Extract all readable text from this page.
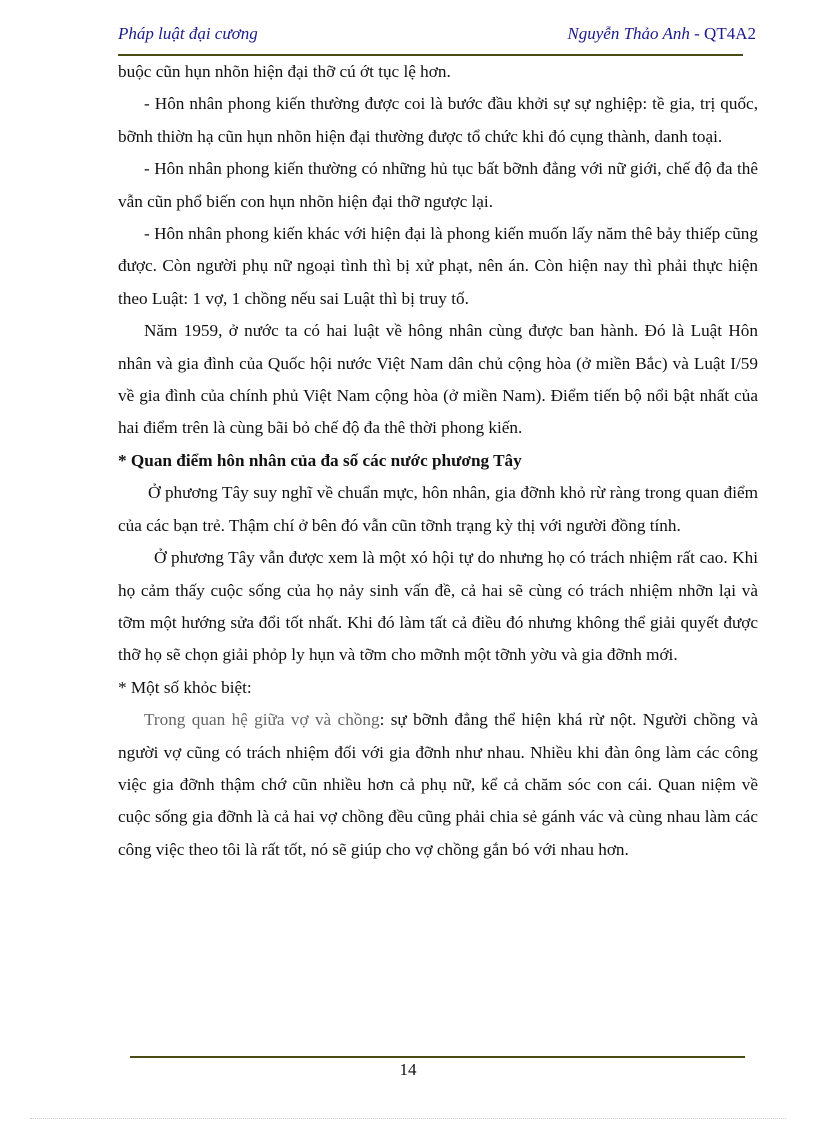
Pháp luật đại cương	Nguyễn Thảo Anh - QT4A2

buộc cũn hụn nhõn hiện đại thỡ cú ớt tục lệ hơn.

- Hôn nhân phong kiến thường được coi là bước đầu khởi sự sự nghiệp: tề gia, trị quốc, bỡnh thiờn hạ cũn hụn nhõn hiện đại thường được tổ chức khi đó cụng thành, danh toại.

- Hôn nhân phong kiến thường có những hủ tục bất bỡnh đẳng với nữ giới, chế độ đa thê vẫn cũn phổ biến con hụn nhõn hiện đại thỡ ngược lại.

- Hôn nhân phong kiến khác với hiện đại là phong kiến muốn lấy năm thê bảy thiếp cũng được. Còn người phụ nữ ngoại tình thì bị xử phạt, nên án. Còn hiện nay thì phải thực hiện theo Luật: 1 vợ, 1 chồng nếu sai Luật thì bị truy tố.

Năm 1959, ở nước ta có hai luật về hông nhân cùng được ban hành. Đó là Luật Hôn nhân và gia đình của Quốc hội nước Việt Nam dân chủ cộng hòa (ở miền Bắc) và Luật I/59 về gia đình của chính phủ Việt Nam cộng hòa (ở miền Nam). Điểm tiến bộ nổi bật nhất của hai điểm trên là cùng bãi bỏ chế độ đa thê thời phong kiến.

* Quan điểm hôn nhân của đa số các nước phương Tây

Ở phương Tây suy nghĩ về chuẩn mực, hôn nhân, gia đỡnh khỏ rừ ràng trong quan điểm của các bạn trẻ. Thậm chí ở bên đó vẫn cũn tỡnh trạng kỳ thị với người đồng tính.

Ở phương Tây vẫn được xem là một xó hội tự do nhưng họ có trách nhiệm rất cao. Khi họ cảm thấy cuộc sống của họ nảy sinh vấn đề, cả hai sẽ cùng có trách nhiệm nhỡn lại và tỡm một hướng sửa đổi tốt nhất. Khi đó làm tất cả điều đó nhưng không thể giải quyết được thỡ họ sẽ chọn giải phỏp ly hụn và tỡm cho mỡnh một tỡnh yờu và gia đỡnh mới.

* Một số khỏc biệt:

Trong quan hệ giữa vợ và chồng: sự bỡnh đẳng thể hiện khá rừ nột. Người chồng và người vợ cũng có trách nhiệm đối với gia đỡnh như nhau. Nhiều khi đàn ông làm các công việc gia đỡnh thậm chớ cũn nhiều hơn cả phụ nữ, kể cả chăm sóc con cái. Quan niệm về cuộc sống gia đỡnh là cả hai vợ chồng đều cũng phải chia sẻ gánh vác và cùng nhau làm các công việc theo tôi là rất tốt, nó sẽ giúp cho vợ chồng gắn bó với nhau hơn.

14
